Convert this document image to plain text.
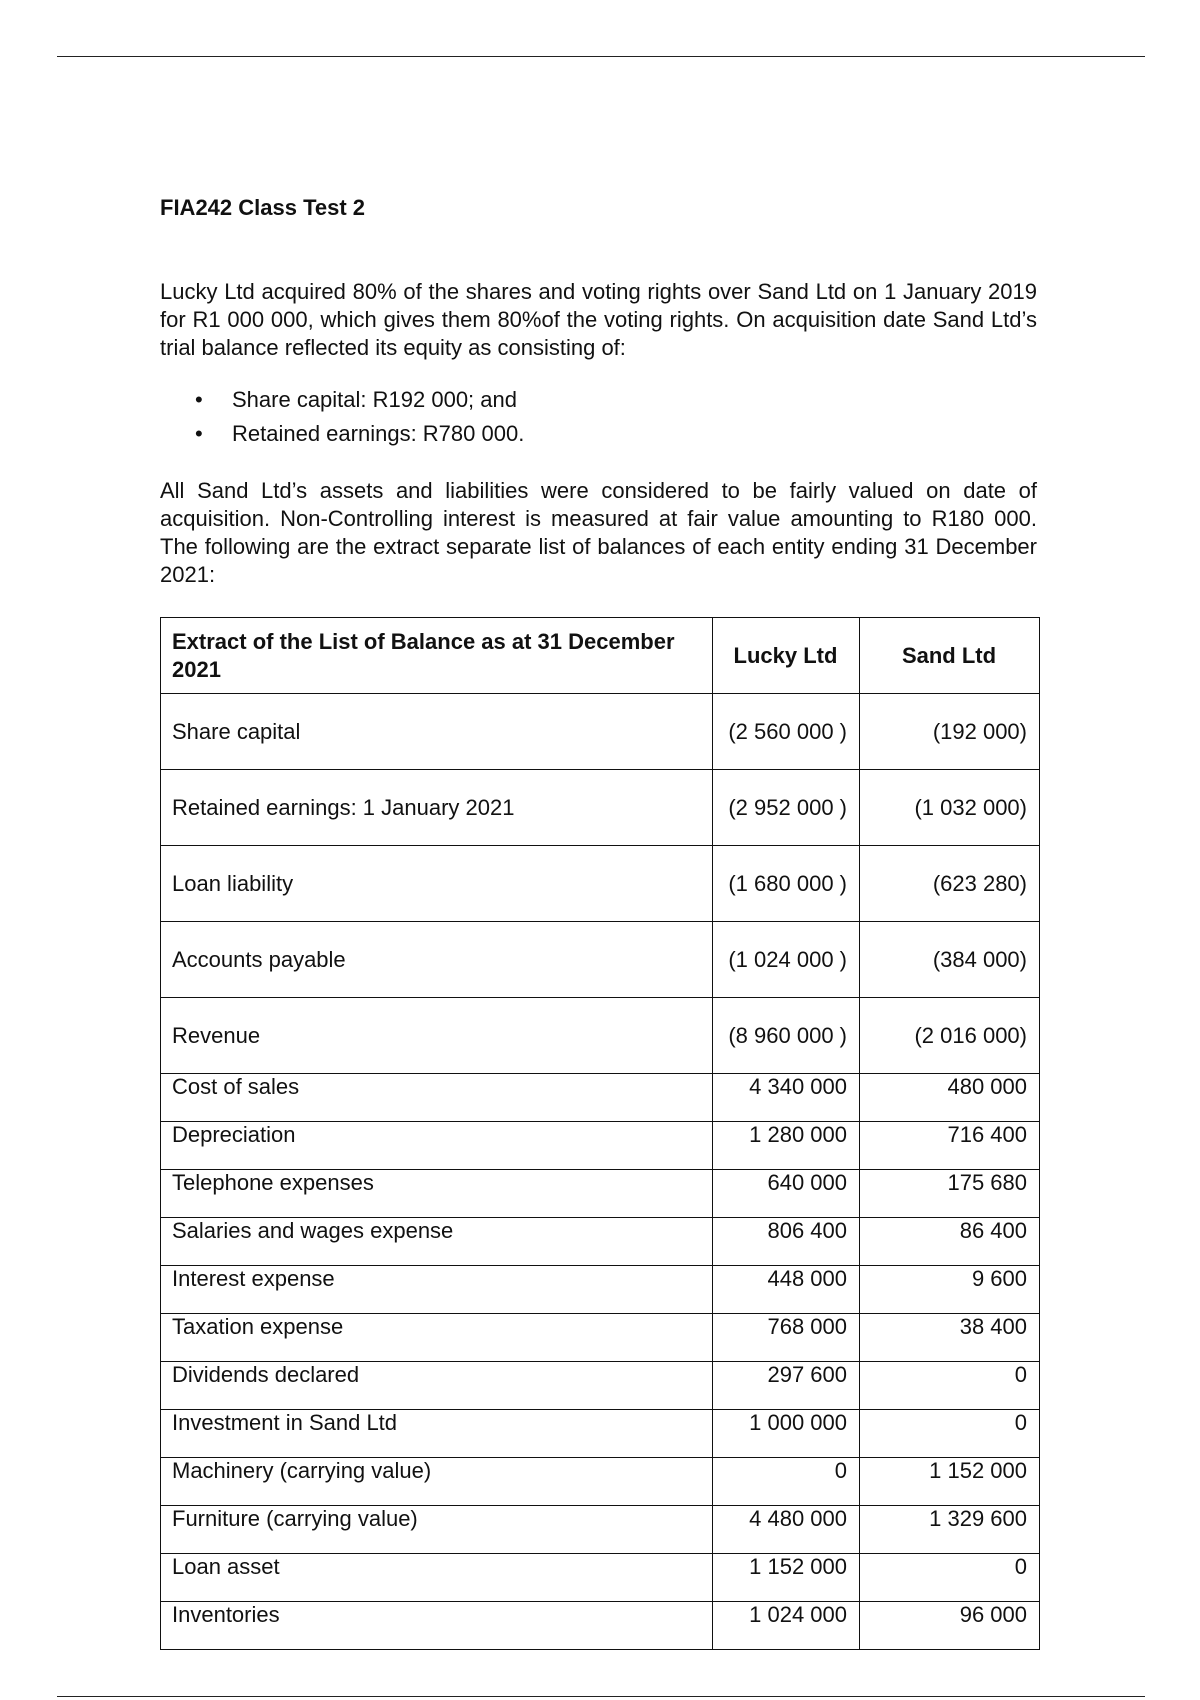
FIA242 Class Test 2

Lucky Ltd acquired 80% of the shares and voting rights over Sand Ltd on 1 January 2019 for R1 000 000, which gives them 80%of the voting rights. On acquisition date Sand Ltd’s trial balance reflected its equity as consisting of:

• Share capital: R192 000; and
• Retained earnings: R780 000.

All Sand Ltd’s assets and liabilities were considered to be fairly valued on date of acquisition. Non-Controlling interest is measured at fair value amounting to R180 000. The following are the extract separate list of balances of each entity ending 31 December 2021:

Extract of the List of Balance as at 31 December 2021	Lucky Ltd	Sand Ltd
Share capital	(2 560 000 )	(192 000)
Retained earnings: 1 January 2021	(2 952 000 )	(1 032 000)
Loan liability	(1 680 000 )	(623 280)
Accounts payable	(1 024 000 )	(384 000)
Revenue	(8 960 000 )	(2 016 000)
Cost of sales	4 340 000	480 000
Depreciation	1 280 000	716 400
Telephone expenses	640 000	175 680
Salaries and wages expense	806 400	86 400
Interest expense	448 000	9 600
Taxation expense	768 000	38 400
Dividends declared	297 600	0
Investment in Sand Ltd	1 000 000	0
Machinery (carrying value)	0	1 152 000
Furniture (carrying value)	4 480 000	1 329 600
Loan asset	1 152 000	0
Inventories	1 024 000	96 000
